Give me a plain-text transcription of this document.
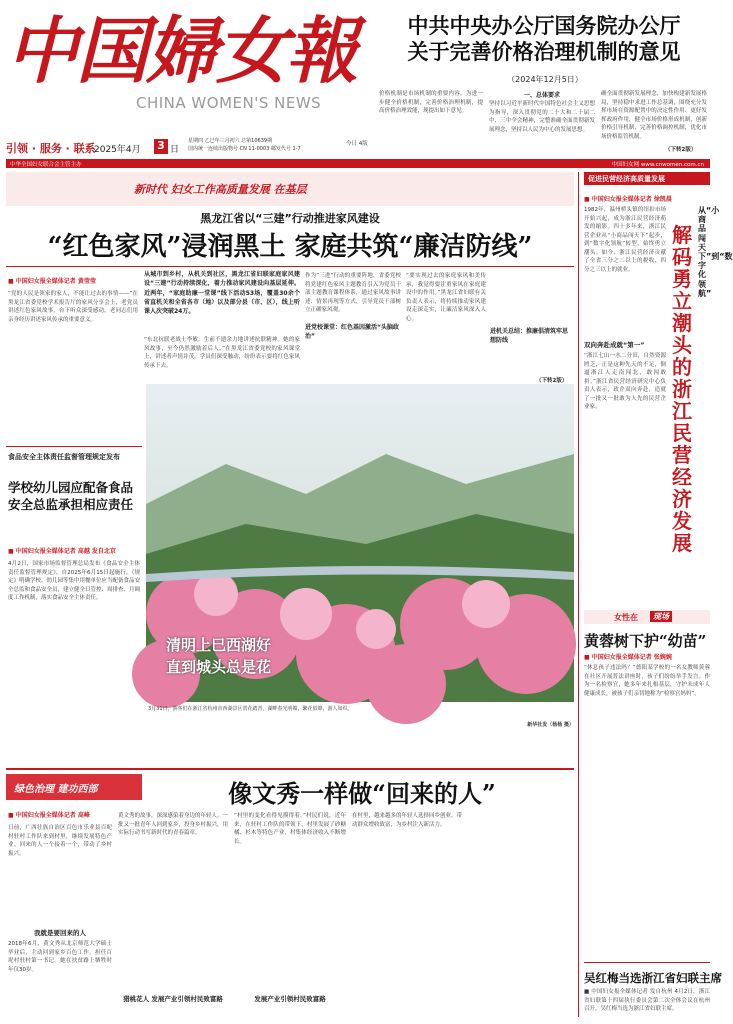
中国婦女報
CHINA WOMEN'S NEWS
引领 · 服务 · 联系
2025年4月 3 日
星期四 乙巳年三月初六 总第10639期
国内统一连续出版物号 CN 11-0003 邮发代号 1-7
今日 4版
中华全国妇女联合会主管主办	中国妇女网 www.cnwomen.com.cn
中共中央办公厅国务院办公厅
关于完善价格治理机制的意见
（2024年12月5日）
价格机制是市场机制的重要内容。为进一步健全价格机制，完善价格治理机制，提高价格治理效能，现提出如下意见。
一、总体要求
坚持以习近平新时代中国特色社会主义思想为指导，深入贯彻党的二十大和二十届二中、三中全会精神，完整准确全面贯彻新发展理念，坚持以人民为中心的发展思想。
确全面贯彻新发展理念，加快构建新发展格局，坚持稳中求进工作总基调，围绕充分发挥市场在资源配置中的决定性作用、更好发挥政府作用，健全市场价格形成机制，创新价格引导机制，完善价格调控机制，优化市场价格监管机制。
（下转2版）
新时代 妇女工作高质量发展 在基层
黑龙江省以“三建”行动推进家风建设
“红色家风”浸润黑土 家庭共筑“廉洁防线”
■ 中国妇女报全媒体记者 黄莹莹
“党的人民是领家的家人，不能让过去的事情——”在黑龙江省委党校学术报告厅的家风分享会上，老党员讲述红色家风故事，台下听众深受感动。老同志们用亲身经历讲述家风传承的重要意义。
从城市到乡村，从机关到社区，黑龙江省妇联家庭家风建设“三建”行动持续深化，着力推动家风建设向基层延伸。近两年，“家庭助廉一堂课”线下活动53场，覆盖30余个省直机关和全省各市（地）以及部分县（市、区），线上听课人次突破24万。
“东北抗联老战士李敏，生前不遗余力地讲述抗联精神。她的家风故事，至今仍然激励着后人。”在黑龙江省委党校的家风课堂上，讲述者声情并茂，学员们深受触动，纷纷表示要将红色家风传承下去。
进党校课堂：红色基因激活“头脑政治”
作为“三进”行动的重要阵地，省委党校将党建红色家风主题教育引入为党员干部主题教育课程体系，通过家风故事讲述、情景再现等方式，引导党员干部树立正确家风观。
“要实现过去的家庭家风和美传承，我觉得要注重家风在家庭建设中的作用。”黑龙江省妇联有关负责人表示，将持续推动家风建设走深走实，让廉洁家风深入人心。
进机关总结：推廉倡清筑牢思想防线
（下转2版）
食品安全主体责任监督管理规定发布
学校幼儿园应配备食品安全总监承担相应责任
■ 中国妇女报全媒体记者 高越 发自北京
4月2日，国家市场监督管理总局发布《食品安全主体责任监督管理规定》，自2025年6月15日起施行。《规定》明确学校、幼儿园等集中用餐单位应当配备食品安全总监和食品安全员，建立健全日管控、周排查、月调度工作机制，落实食品安全主体责任。
清明上巳西湖好
直到城头总是花
3月31日，游客们在浙江省杭州市西湖景区赏花踏青，湖畔春光明媚，繁花似锦，游人如织。
新华社发（杨杨 摄）
促进民营经济高质量发展
■ 中国妇女报全媒体记者 徐凯晨
1982年，温州桥头镇的纽扣市场开始兴起，成为浙江民营经济萌发的缩影。四十多年来，浙江民营企业从“小商品闯天下”起步，到“数字化领航”转型，始终勇立潮头。如今，浙江民营经济贡献了全省三分之二以上的税收、四分之三以上的就业。
从“小商品闯天下”到“数字化领航”
解码勇立潮头的浙江民营经济发展
双向奔赴成就“第一”
“浙江七山一水二分田，自然资源匮乏，正是这种先天的不足，倒逼浙江人走南闯北，敢闯敢拼。”浙江省民营经济研究中心负责人表示，政企双向奔赴，造就了一批又一批敢为人先的民营企业家。
女性在	现场
黄蓉树下护“幼苗”
■ 中国妇女报全媒体记者 张婉婉
“休息孩子违法吗？”德阳某学校的一名女教师黄蓉在社区开展普法讲座时，孩子们纷纷举手发言。作为一名检察官，她多年来扎根基层，守护未成年人健康成长，被孩子们亲切地称为“检察官妈妈”。
吴红梅当选浙江省妇联主席
■ 中国妇女报全媒体记者 发自杭州 4月2日，浙江省妇联第十四届执行委员会第二次全体会议在杭州召开，吴红梅当选为浙江省妇联主席。
绿色治理 建功西部	像文秀一样做“回来的人”
■ 中国妇女报全媒体记者 高峰
日前，广西壮族自治区百色市乐业县百坭村驻村工作队来到村里，继续发展特色产业。回来的人一个接着一个，带动了乡村振兴。
我就是要回来的人
2018年6月，黄文秀从北京师范大学硕士毕业后，主动回到家乡百色工作，担任百坭村驻村第一书记。她在扶贫路上牺牲时年仅30岁。
黄文秀的故事，深深感染着身边的年轻人。一批又一批青年人回到家乡，投身乡村振兴，用实际行动书写新时代的青春篇章。
猎桃花人 发展产业引领村民致富路
“村里的变化看得见摸得着。”村民们说，近年来，在驻村工作队的带领下，村里发展了砂糖橘、杉木等特色产业，村集体经济收入不断增长。
发展产业引领村民致富路
在村里，越来越多的年轻人选择回乡创业，带动群众增收致富，为乡村注入新活力。
